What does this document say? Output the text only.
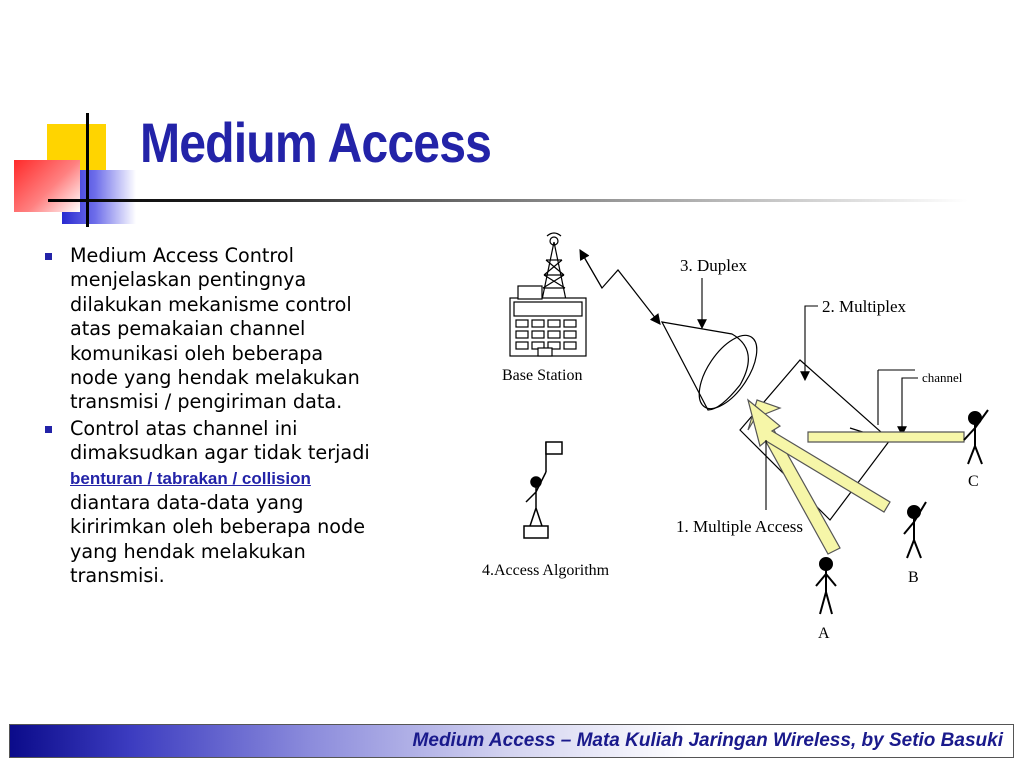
Medium Access
Medium Access Control menjelaskan pentingnya dilakukan mekanisme control atas pemakaian channel komunikasi oleh beberapa node yang hendak melakukan transmisi / pengiriman data.
Control atas channel ini dimaksudkan agar tidak terjadi benturan / tabrakan / collision diantara data-data yang kiririmkan oleh beberapa node yang hendak melakukan transmisi.
Base Station
3. Duplex
2. Multiplex
channel
1. Multiple Access
4.Access Algorithm
C
B
A
Medium Access – Mata Kuliah Jaringan Wireless, by Setio Basuki
